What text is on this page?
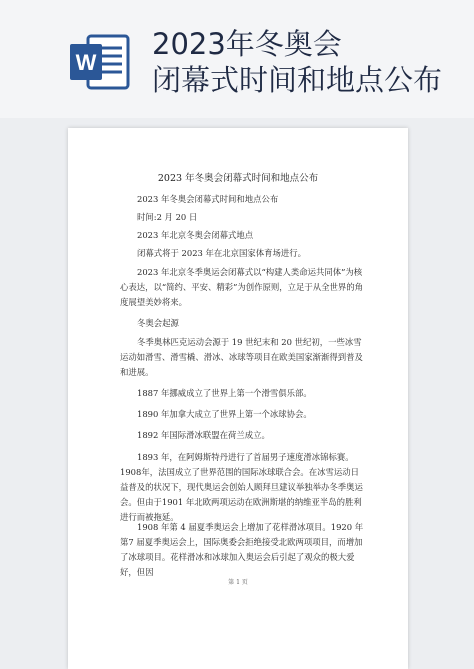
W
2023年冬奥会
闭幕式时间和地点公布
2023 年冬奥会闭幕式时间和地点公布
2023 年冬奥会闭幕式时间和地点公布
时间:2 月 20 日
2023 年北京冬奥会闭幕式地点
闭幕式将于 2023 年在北京国家体育场进行。
2023 年北京冬季奥运会闭幕式以“构建人类命运共同体”为核心表达，以“简约、平安、精彩”为创作原则，立足于从全世界的角度展望美妙将来。
冬奥会起源
冬季奥林匹克运动会源于 19 世纪末和 20 世纪初，一些冰雪运动如滑雪、滑雪橇、滑冰、冰球等项目在欧美国家渐渐得到普及和进展。
1887 年挪威成立了世界上第一个滑雪俱乐部。
1890 年加拿大成立了世界上第一个冰球协会。
1892 年国际滑冰联盟在荷兰成立。
1893 年，在阿姆斯特丹进行了首届男子速度滑冰锦标赛。1908年，法国成立了世界范围的国际冰球联合会。在冰雪运动日益普及的状况下，现代奥运会创始人顾拜旦建议举独举办冬季奥运会。但由于1901 年北欧两项运动在欧洲斯堪的纳维亚半岛的胜利进行而被拖延。
1908 年第 4 届夏季奥运会上增加了花样滑冰项目。1920 年第7 届夏季奥运会上，国际奥委会拒绝接受北欧两项项目，而增加了冰球项目。花样滑冰和冰球加入奥运会后引起了观众的极大爱好，但因
第 1 页
